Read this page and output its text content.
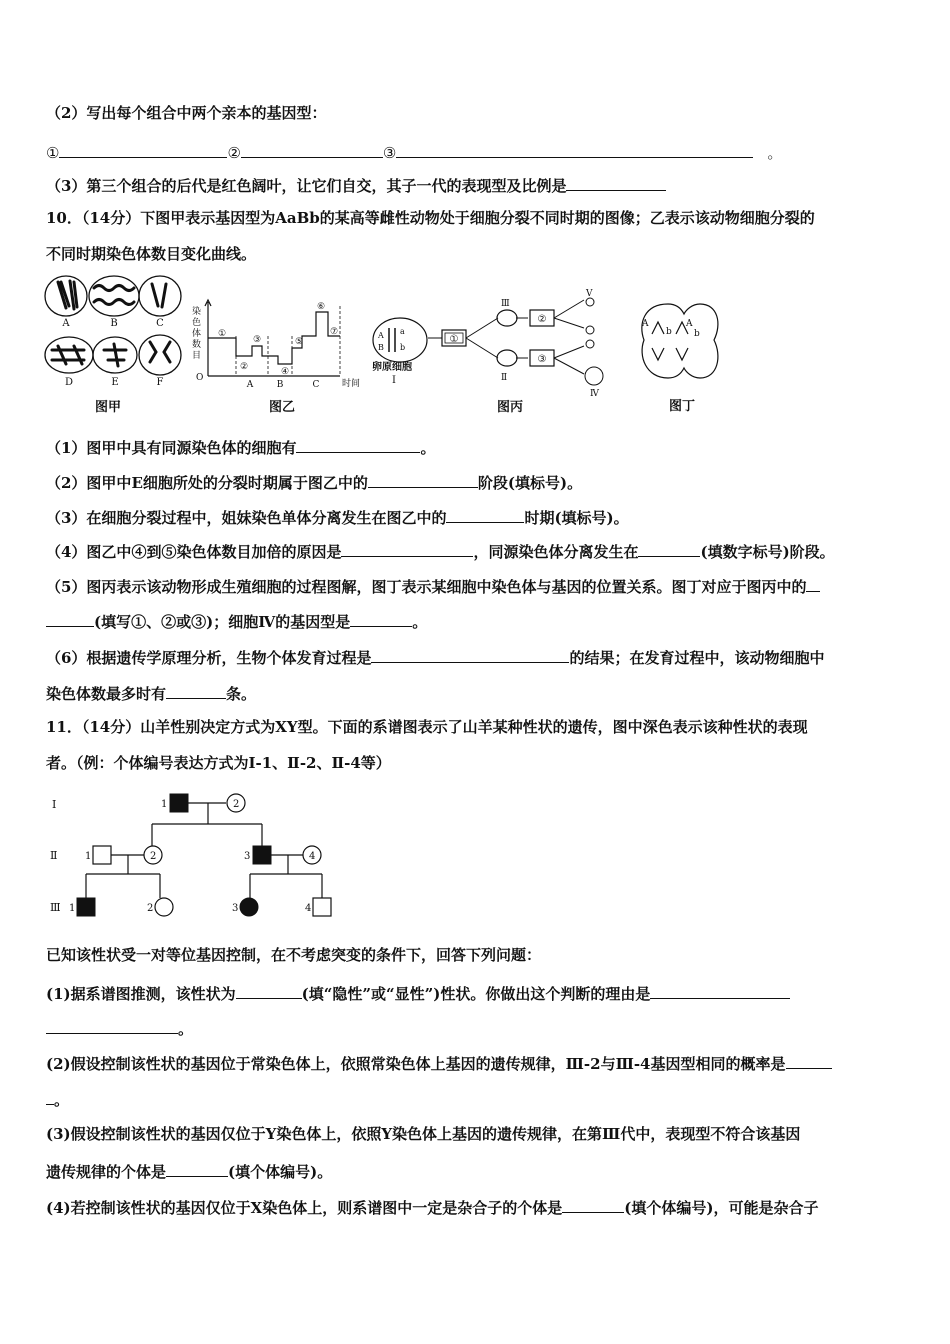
（2）写出每个组合中两个亲本的基因型：
①	②	③	。
（3）第三个组合的后代是红色阔叶，让它们自交，其子一代的表现型及比例是
10．（14分）下图甲表示基因型为AaBb的某高等雌性动物处于细胞分裂不同时期的图像；乙表示该动物细胞分裂的
不同时期染色体数目变化曲线。
A	B	C
D	E	F
图甲
染
色
体
数
目
O
时间
①
②
③
④
⑤
⑥
⑦
A	B	C
图乙
A a
B b
卵原细胞
Ⅰ
①
Ⅲ
Ⅱ
②
③
Ⅴ
Ⅳ
图丙
A	A
b b
图丁
（1）图甲中具有同源染色体的细胞有	。
（2）图甲中E细胞所处的分裂时期属于图乙中的	阶段(填标号)。
（3）在细胞分裂过程中，姐妹染色单体分离发生在图乙中的	时期(填标号)。
（4）图乙中④到⑤染色体数目加倍的原因是	，同源染色体分离发生在	(填数字标号)阶段。
（5）图丙表示该动物形成生殖细胞的过程图解，图丁表示某细胞中染色体与基因的位置关系。图丁对应于图丙中的
(填写①、②或③)；细胞Ⅳ的基因型是	。
（6）根据遗传学原理分析，生物个体发育过程是	的结果；在发育过程中，该动物细胞中
染色体数最多时有	条。
11．（14分）山羊性别决定方式为XY型。下面的系谱图表示了山羊某种性状的遗传，图中深色表示该种性状的表现
者。（例：个体编号表达方式为Ⅰ-1、Ⅱ-2、Ⅱ-4等）
Ⅰ
Ⅱ
Ⅲ
1	2
1	2	3	4
1	2	3	4
已知该性状受一对等位基因控制，在不考虑突变的条件下，回答下列问题：
(1)据系谱图推测，该性状为	(填“隐性”或“显性”)性状。你做出这个判断的理由是
。
(2)假设控制该性状的基因位于常染色体上，依照常染色体上基因的遗传规律，Ⅲ-2与Ⅲ-4基因型相同的概率是
。
(3)假设控制该性状的基因仅位于Y染色体上，依照Y染色体上基因的遗传规律，在第Ⅲ代中，表现型不符合该基因
遗传规律的个体是	(填个体编号)。
(4)若控制该性状的基因仅位于X染色体上，则系谱图中一定是杂合子的个体是	(填个体编号)，可能是杂合子
